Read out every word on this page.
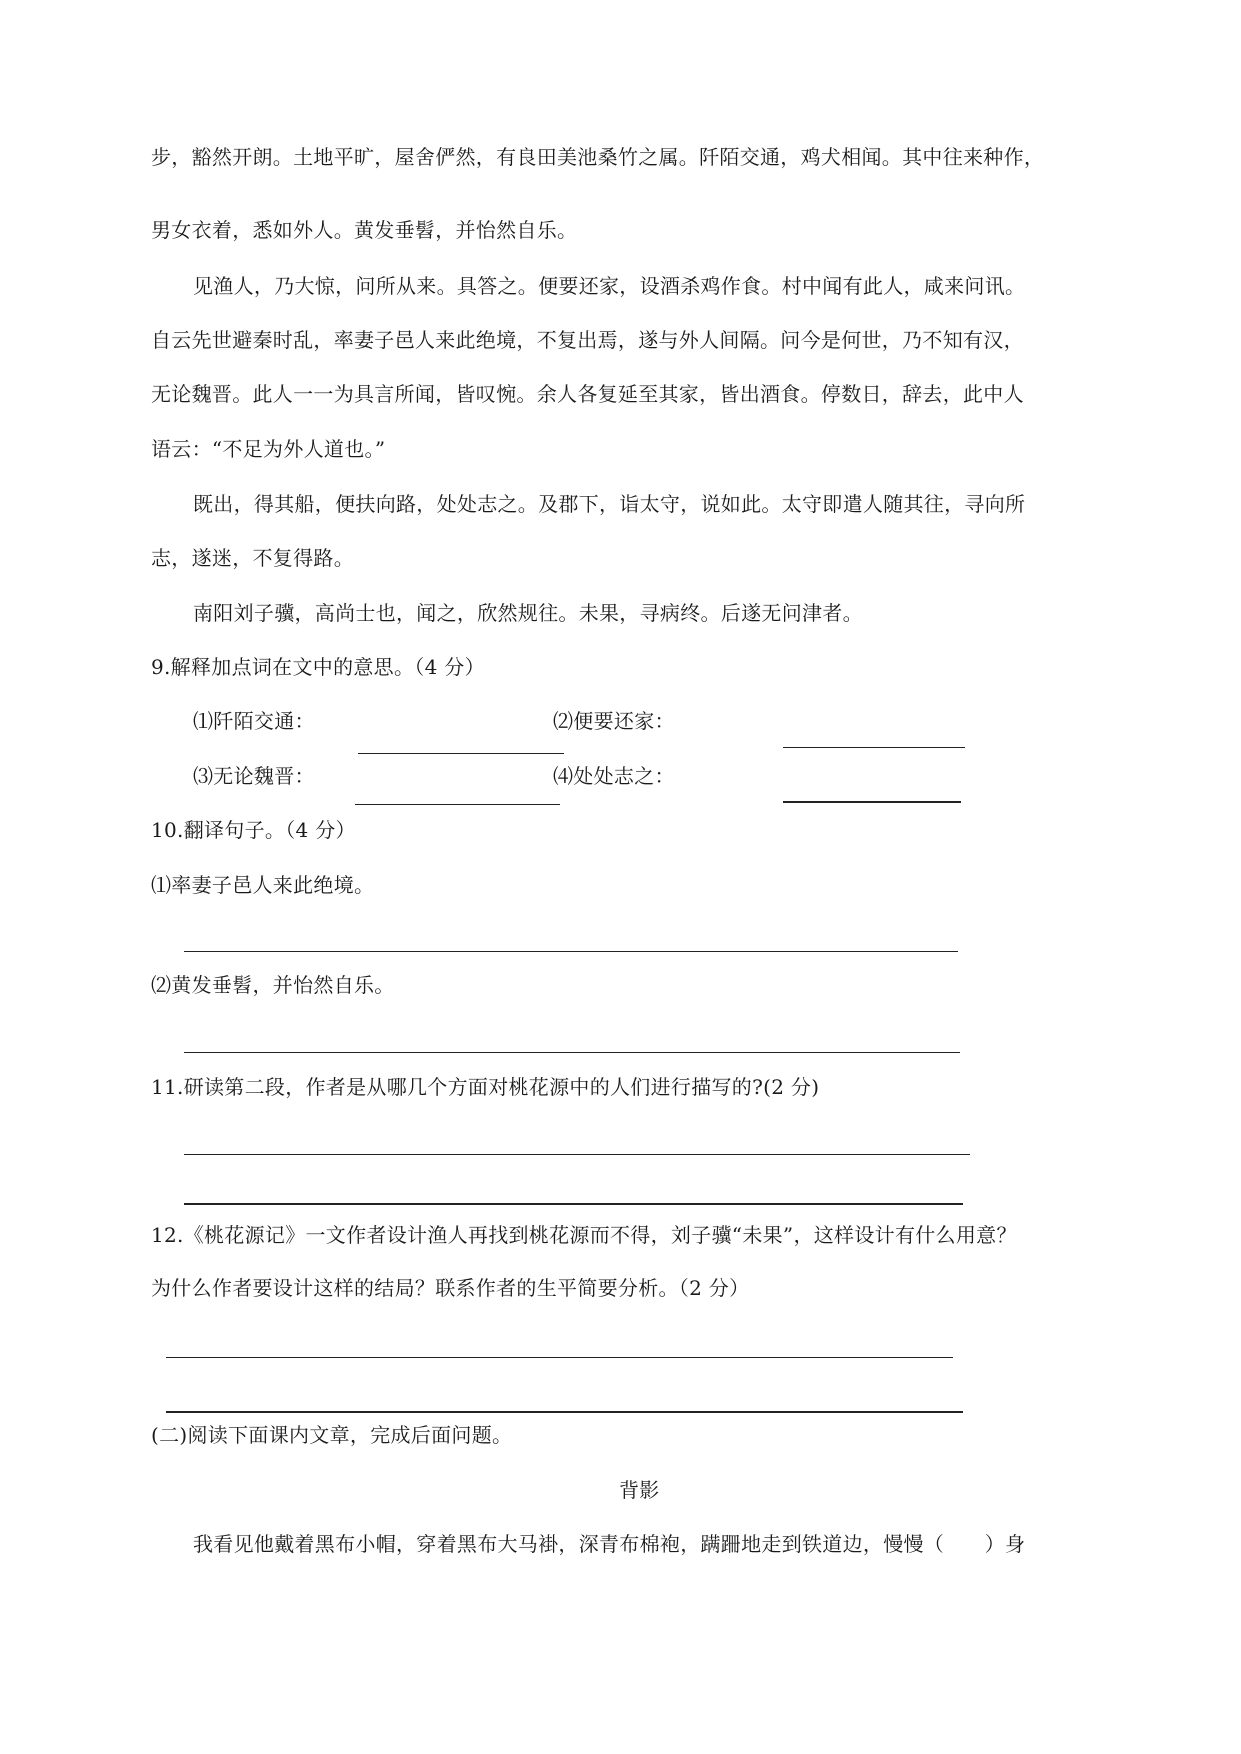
步，豁然开朗。土地平旷，屋舍俨然，有良田美池桑竹之属。阡陌交通，鸡犬相闻。其中往来种作，
男女衣着，悉如外人。黄发垂髫，并怡然自乐。
见渔人，乃大惊，问所从来。具答之。便要还家，设酒杀鸡作食。村中闻有此人，咸来问讯。
自云先世避秦时乱，率妻子邑人来此绝境，不复出焉，遂与外人间隔。问今是何世，乃不知有汉，
无论魏晋。此人一一为具言所闻，皆叹惋。余人各复延至其家，皆出酒食。停数日，辞去，此中人
语云：“不足为外人道也。”
既出，得其船，便扶向路，处处志之。及郡下，诣太守，说如此。太守即遣人随其往，寻向所
志，遂迷，不复得路。
南阳刘子骥，高尚士也，闻之，欣然规往。未果，寻病终。后遂无问津者。
9.解释加点词在文中的意思。（4 分）
⑴阡陌交通：	⑵便要还家：
⑶无论魏晋：	⑷处处志之：
10.翻译句子。（4 分）
⑴率妻子邑人来此绝境。
⑵黄发垂髫，并怡然自乐。
11.研读第二段，作者是从哪几个方面对桃花源中的人们进行描写的?(2 分)
12.《桃花源记》一文作者设计渔人再找到桃花源而不得，刘子骥“未果”，这样设计有什么用意？
为什么作者要设计这样的结局？联系作者的生平简要分析。（2 分）
(二)阅读下面课内文章，完成后面问题。
背影
我看见他戴着黑布小帽，穿着黑布大马褂，深青布棉袍，蹒跚地走到铁道边，慢慢（　　）身
